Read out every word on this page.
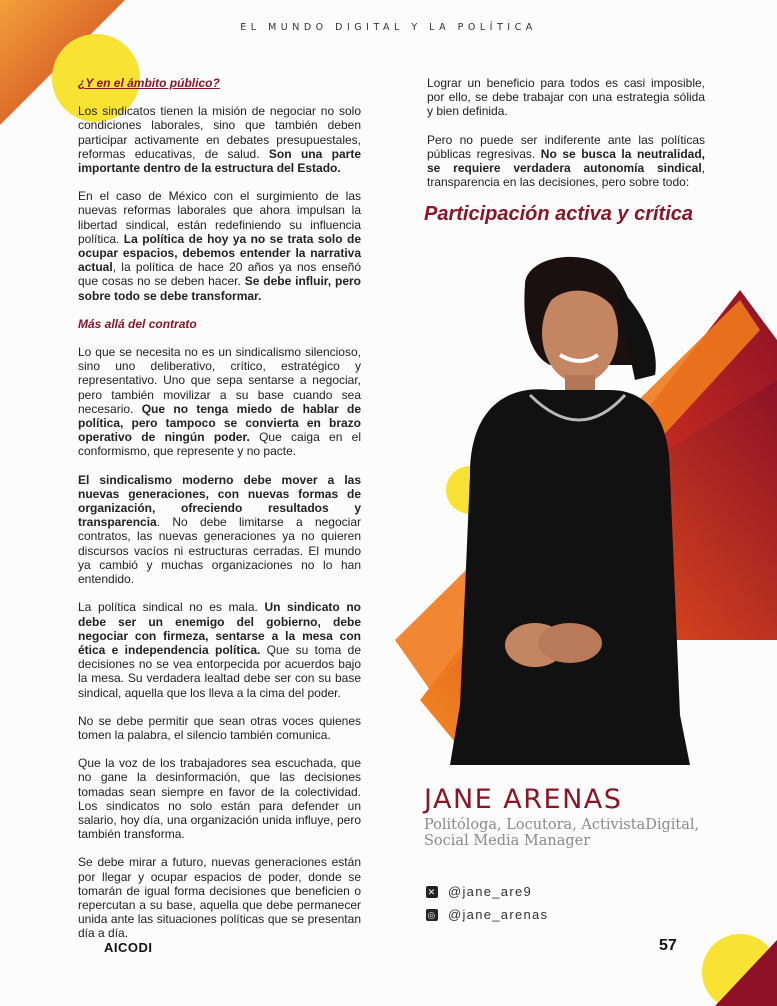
EL MUNDO DIGITAL Y LA POLÍTICA
¿Y en el ámbito público?

Los sindicatos tienen la misión de negociar no solo condiciones laborales, sino que también deben participar activamente en debates presupuestales, reformas educativas, de salud. Son una parte importante dentro de la estructura del Estado.

En el caso de México con el surgimiento de las nuevas reformas laborales que ahora impulsan la libertad sindical, están redefiniendo su influencia política. La política de hoy ya no se trata solo de ocupar espacios, debemos entender la narrativa actual, la política de hace 20 años ya nos enseñó que cosas no se deben hacer. Se debe influir, pero sobre todo se debe transformar.

Más allá del contrato

Lo que se necesita no es un sindicalismo silencioso, sino uno deliberativo, crítico, estratégico y representativo. Uno que sepa sentarse a negociar, pero también movilizar a su base cuando sea necesario. Que no tenga miedo de hablar de política, pero tampoco se convierta en brazo operativo de ningún poder. Que caiga en el conformismo, que represente y no pacte.

El sindicalismo moderno debe mover a las nuevas generaciones, con nuevas formas de organización, ofreciendo resultados y transparencia. No debe limitarse a negociar contratos, las nuevas generaciones ya no quieren discursos vacíos ni estructuras cerradas. El mundo ya cambió y muchas organizaciones no lo han entendido.

La política sindical no es mala. Un sindicato no debe ser un enemigo del gobierno, debe negociar con firmeza, sentarse a la mesa con ética e independencia política. Que su toma de decisiones no se vea entorpecida por acuerdos bajo la mesa. Su verdadera lealtad debe ser con su base sindical, aquella que los lleva a la cima del poder.

No se debe permitir que sean otras voces quienes tomen la palabra, el silencio también comunica.

Que la voz de los trabajadores sea escuchada, que no gane la desinformación, que las decisiones tomadas sean siempre en favor de la colectividad. Los sindicatos no solo están para defender un salario, hoy día, una organización unida influye, pero también transforma.

Se debe mirar a futuro, nuevas generaciones están por llegar y ocupar espacios de poder, donde se tomarán de igual forma decisiones que beneficien o repercutan a su base, aquella que debe permanecer unida ante las situaciones políticas que se presentan día a día.

Lograr un beneficio para todos es casi imposible, por ello, se debe trabajar con una estrategia sólida y bien definida.

Pero no puede ser indiferente ante las políticas públicas regresivas. No se busca la neutralidad, se requiere verdadera autonomía sindical, transparencia en las decisiones, pero sobre todo:

Participación activa y crítica
JANE ARENAS
Politóloga, Locutora, ActivistaDigital, Social Media Manager
✕ @jane_are9
◎ @jane_arenas
AICODI	57
